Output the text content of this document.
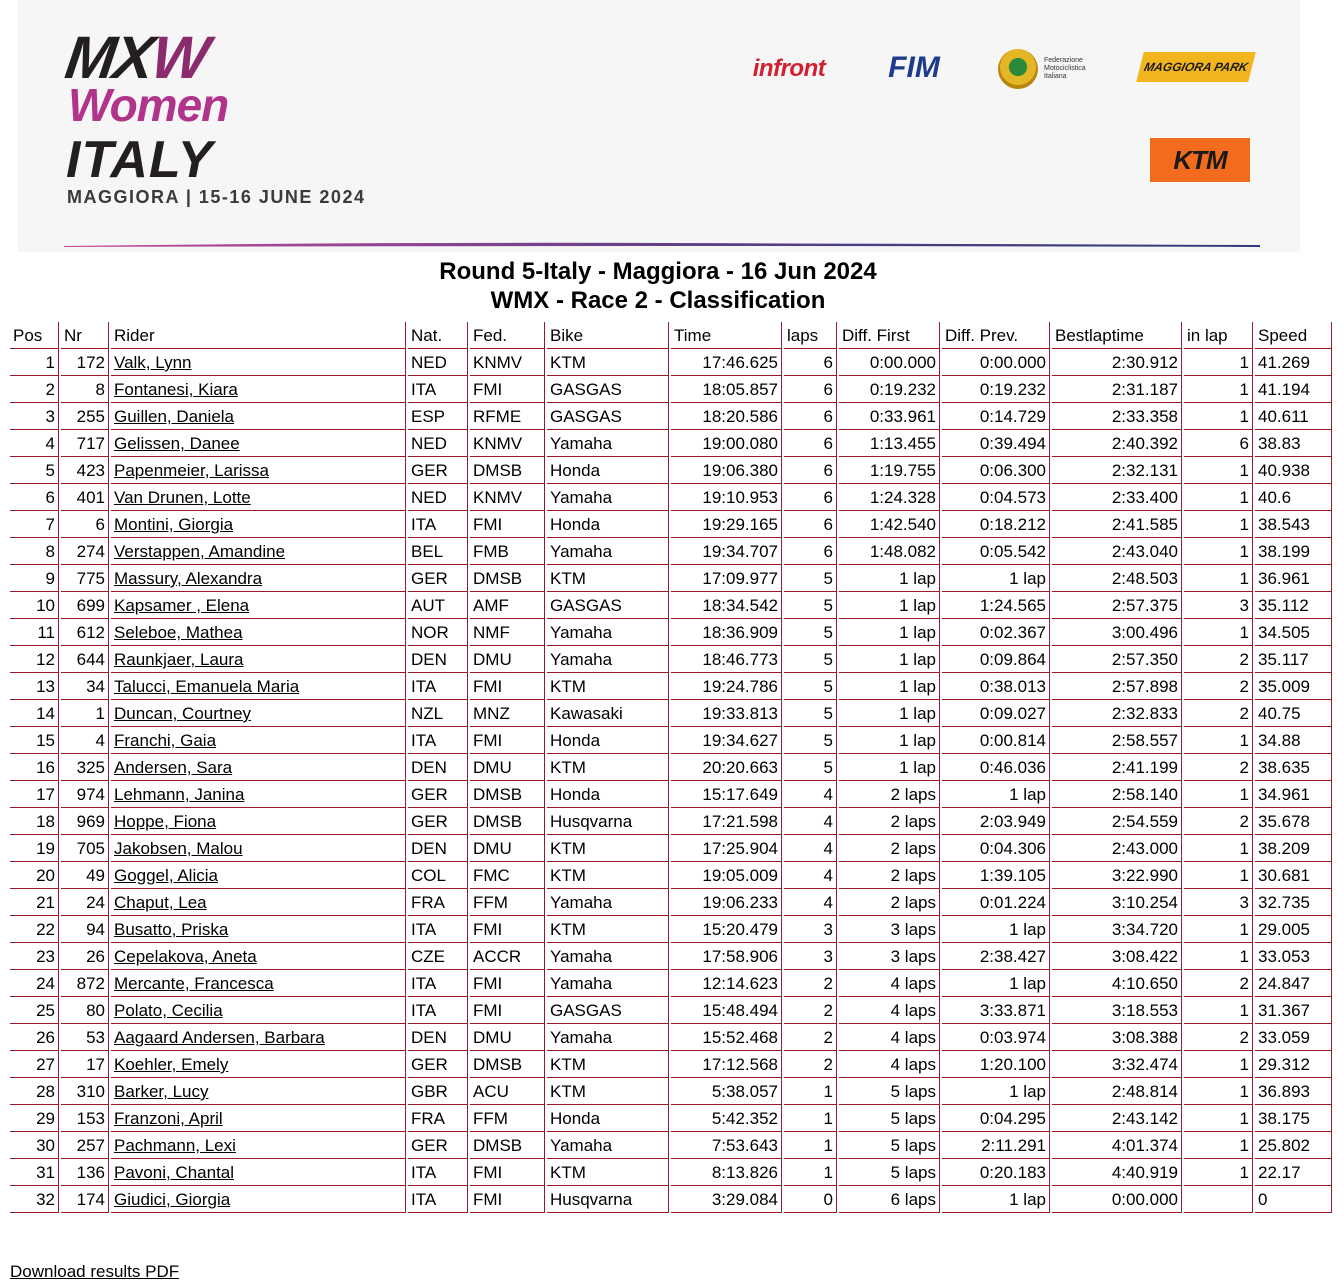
MXW
Women
ITALY
MAGGIORA | 15-16 JUNE 2024
infront	FIM	Federazione Motociclistica Italiana
MAGGIORA PARK
KTM
Round 5-Italy - Maggiora - 16 Jun 2024
WMX - Race 2 - Classification
Pos	Nr	Rider	Nat.	Fed.	Bike	Time	laps	Diff. First	Diff. Prev.	Bestlaptime	in lap	Speed
1	172	Valk, Lynn	NED	KNMV	KTM	17:46.625	6	0:00.000	0:00.000	2:30.912	1	41.269
2	8	Fontanesi, Kiara	ITA	FMI	GASGAS	18:05.857	6	0:19.232	0:19.232	2:31.187	1	41.194
3	255	Guillen, Daniela	ESP	RFME	GASGAS	18:20.586	6	0:33.961	0:14.729	2:33.358	1	40.611
4	717	Gelissen, Danee	NED	KNMV	Yamaha	19:00.080	6	1:13.455	0:39.494	2:40.392	6	38.83
5	423	Papenmeier, Larissa	GER	DMSB	Honda	19:06.380	6	1:19.755	0:06.300	2:32.131	1	40.938
6	401	Van Drunen, Lotte	NED	KNMV	Yamaha	19:10.953	6	1:24.328	0:04.573	2:33.400	1	40.6
7	6	Montini, Giorgia	ITA	FMI	Honda	19:29.165	6	1:42.540	0:18.212	2:41.585	1	38.543
8	274	Verstappen, Amandine	BEL	FMB	Yamaha	19:34.707	6	1:48.082	0:05.542	2:43.040	1	38.199
9	775	Massury, Alexandra	GER	DMSB	KTM	17:09.977	5	1 lap	1 lap	2:48.503	1	36.961
10	699	Kapsamer , Elena	AUT	AMF	GASGAS	18:34.542	5	1 lap	1:24.565	2:57.375	3	35.112
11	612	Seleboe, Mathea	NOR	NMF	Yamaha	18:36.909	5	1 lap	0:02.367	3:00.496	1	34.505
12	644	Raunkjaer, Laura	DEN	DMU	Yamaha	18:46.773	5	1 lap	0:09.864	2:57.350	2	35.117
13	34	Talucci, Emanuela Maria	ITA	FMI	KTM	19:24.786	5	1 lap	0:38.013	2:57.898	2	35.009
14	1	Duncan, Courtney	NZL	MNZ	Kawasaki	19:33.813	5	1 lap	0:09.027	2:32.833	2	40.75
15	4	Franchi, Gaia	ITA	FMI	Honda	19:34.627	5	1 lap	0:00.814	2:58.557	1	34.88
16	325	Andersen, Sara	DEN	DMU	KTM	20:20.663	5	1 lap	0:46.036	2:41.199	2	38.635
17	974	Lehmann, Janina	GER	DMSB	Honda	15:17.649	4	2 laps	1 lap	2:58.140	1	34.961
18	969	Hoppe, Fiona	GER	DMSB	Husqvarna	17:21.598	4	2 laps	2:03.949	2:54.559	2	35.678
19	705	Jakobsen, Malou	DEN	DMU	KTM	17:25.904	4	2 laps	0:04.306	2:43.000	1	38.209
20	49	Goggel, Alicia	COL	FMC	KTM	19:05.009	4	2 laps	1:39.105	3:22.990	1	30.681
21	24	Chaput, Lea	FRA	FFM	Yamaha	19:06.233	4	2 laps	0:01.224	3:10.254	3	32.735
22	94	Busatto, Priska	ITA	FMI	KTM	15:20.479	3	3 laps	1 lap	3:34.720	1	29.005
23	26	Cepelakova, Aneta	CZE	ACCR	Yamaha	17:58.906	3	3 laps	2:38.427	3:08.422	1	33.053
24	872	Mercante, Francesca	ITA	FMI	Yamaha	12:14.623	2	4 laps	1 lap	4:10.650	2	24.847
25	80	Polato, Cecilia	ITA	FMI	GASGAS	15:48.494	2	4 laps	3:33.871	3:18.553	1	31.367
26	53	Aagaard Andersen, Barbara	DEN	DMU	Yamaha	15:52.468	2	4 laps	0:03.974	3:08.388	2	33.059
27	17	Koehler, Emely	GER	DMSB	KTM	17:12.568	2	4 laps	1:20.100	3:32.474	1	29.312
28	310	Barker, Lucy	GBR	ACU	KTM	5:38.057	1	5 laps	1 lap	2:48.814	1	36.893
29	153	Franzoni, April	FRA	FFM	Honda	5:42.352	1	5 laps	0:04.295	2:43.142	1	38.175
30	257	Pachmann, Lexi	GER	DMSB	Yamaha	7:53.643	1	5 laps	2:11.291	4:01.374	1	25.802
31	136	Pavoni, Chantal	ITA	FMI	KTM	8:13.826	1	5 laps	0:20.183	4:40.919	1	22.17
32	174	Giudici, Giorgia	ITA	FMI	Husqvarna	3:29.084	0	6 laps	1 lap	0:00.000		0
Download results PDF
